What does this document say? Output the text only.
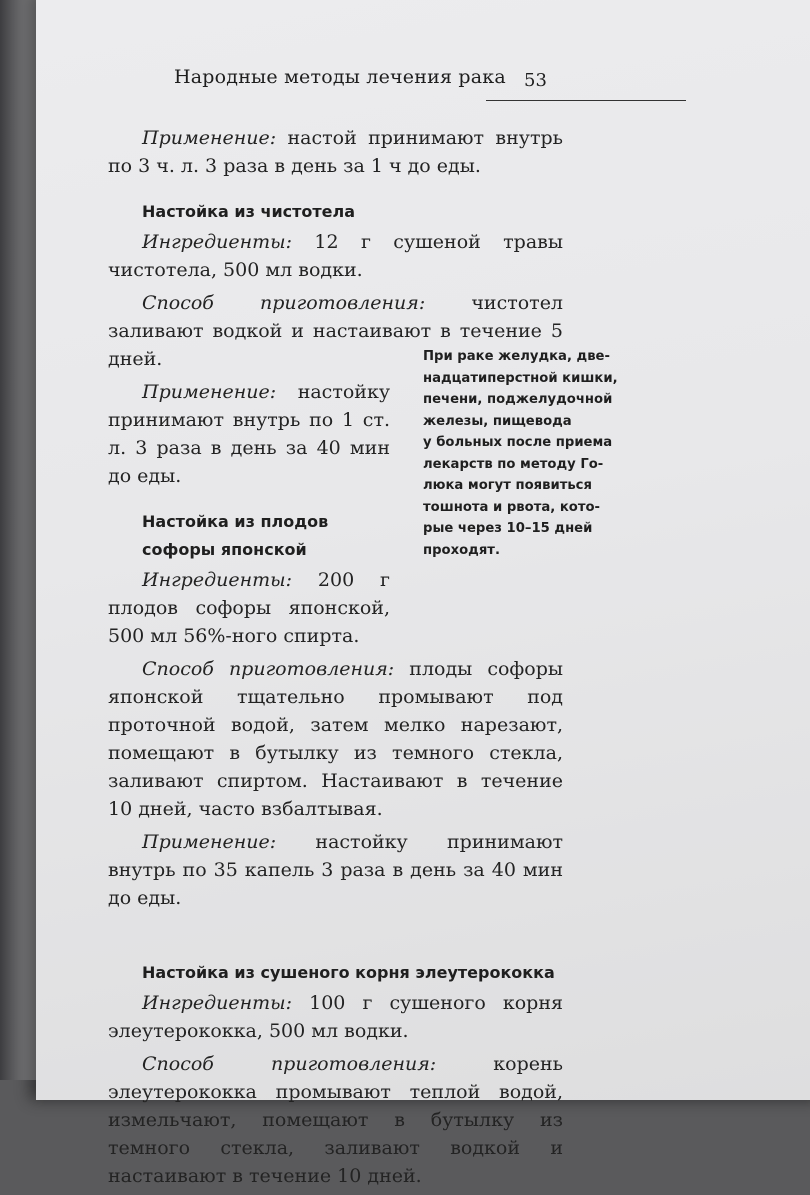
Народные методы лечения рака 53

Применение: настой принимают внутрь по 3 ч. л. 3 раза в день за 1 ч до еды.

Настойка из чистотела

Ингредиенты: 12 г сушеной травы чистотела, 500 мл водки.

Способ приготовления: чистотел заливают водкой и настаивают в течение 5 дней.

Применение: настойку принимают внутрь по 1 ст. л. 3 раза в день за 40 мин до еды.

Настойка из плодов софоры японской

Ингредиенты: 200 г плодов софоры японской, 500 мл 56%-ного спирта.

Способ приготовления: плоды софоры японской тщательно промывают под проточной водой, затем мелко нарезают, помещают в бутылку из темного стекла, заливают спиртом. Настаивают в течение 10 дней, часто взбалтывая.

Применение: настойку принимают внутрь по 35 капель 3 раза в день за 40 мин до еды.

Настойка из сушеного корня элеутерококка

Ингредиенты: 100 г сушеного корня элеутерококка, 500 мл водки.

Способ приготовления: корень элеутерококка промывают теплой водой, измельчают, помещают в бутылку из темного стекла, заливают водкой и настаивают в течение 10 дней.

При раке желудка, две-
надцатиперстной кишки,
печени, поджелудочной
железы, пищевода
у больных после приема
лекарств по методу Го-
люка могут появиться
тошнота и рвота, кото-
рые через 10–15 дней
проходят.
